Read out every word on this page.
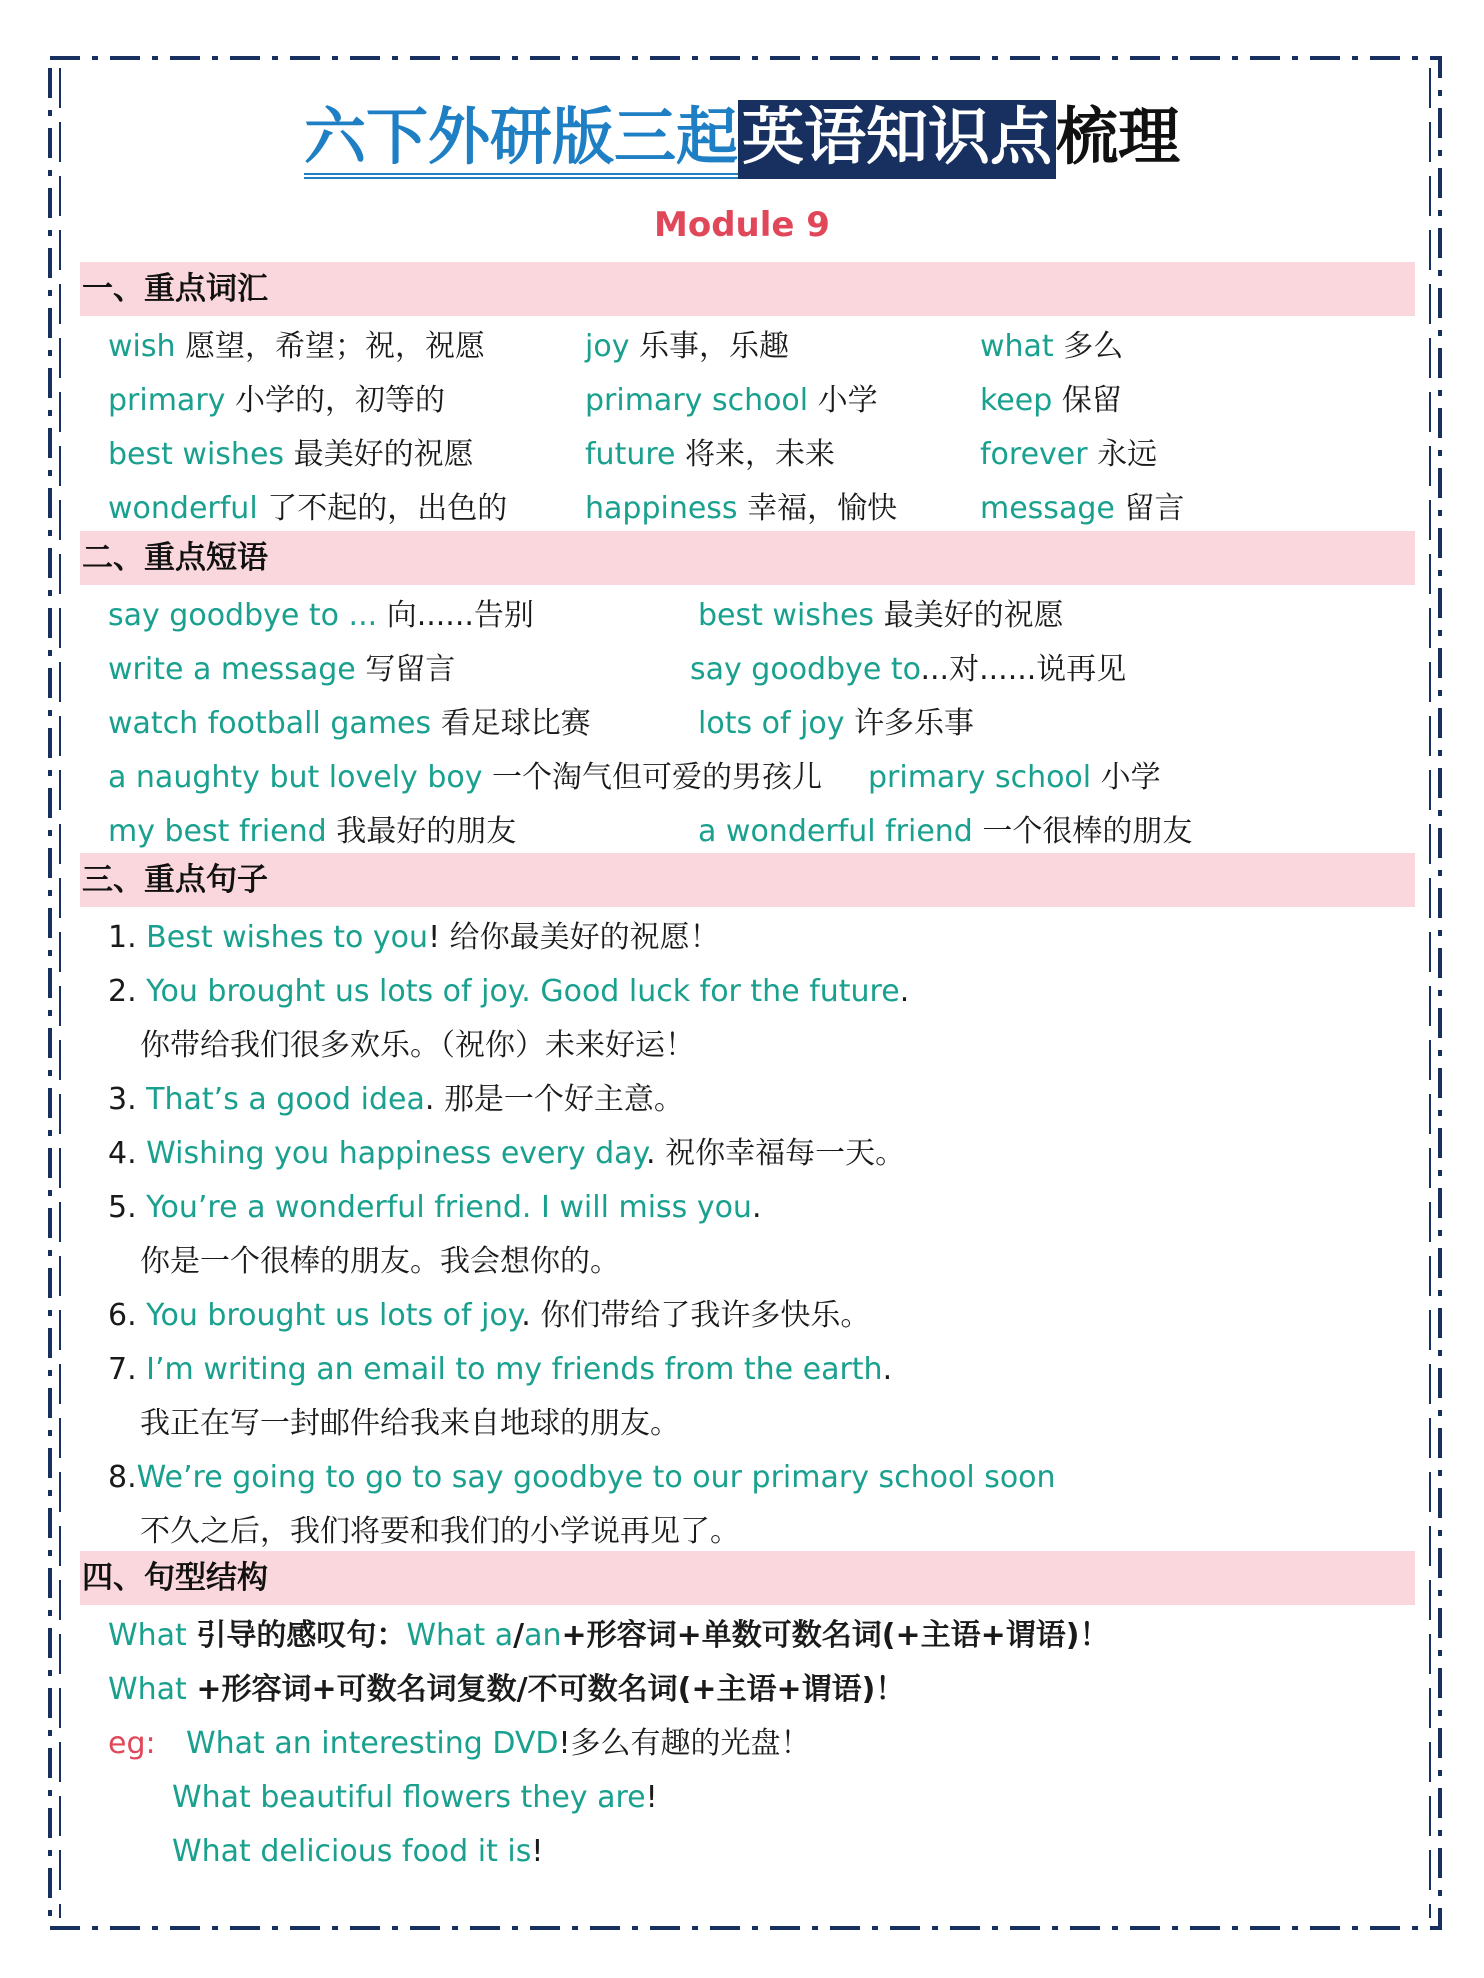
六下外研版三起英语知识点梳理
Module 9
一、重点词汇
wish 愿望，希望；祝，祝愿	joy 乐事，乐趣	what 多么
primary 小学的，初等的	primary school 小学	keep 保留
best wishes 最美好的祝愿	future 将来，未来	forever 永远
wonderful 了不起的，出色的	happiness 幸福，愉快	message 留言
二、重点短语
say goodbye to ... 向......告别	best wishes 最美好的祝愿
write a message 写留言	say goodbye to...对......说再见
watch football games 看足球比赛	lots of joy 许多乐事
a naughty but lovely boy 一个淘气但可爱的男孩儿 primary school 小学
my best friend 我最好的朋友	a wonderful friend 一个很棒的朋友
三、重点句子
1. Best wishes to you! 给你最美好的祝愿！
2. You brought us lots of joy. Good luck for the future.
你带给我们很多欢乐。（祝你）未来好运！
3. That’s a good idea. 那是一个好主意。
4. Wishing you happiness every day. 祝你幸福每一天。
5. You’re a wonderful friend. I will miss you.
你是一个很棒的朋友。我会想你的。
6. You brought us lots of joy. 你们带给了我许多快乐。
7. I’m writing an email to my friends from the earth.
我正在写一封邮件给我来自地球的朋友。
8.We’re going to go to say goodbye to our primary school soon
不久之后，我们将要和我们的小学说再见了。
四、句型结构
What 引导的感叹句：What a/an+形容词+单数可数名词(+主语+谓语)！
What +形容词+可数名词复数/不可数名词(+主语+谓语)！
eg: What an interesting DVD!多么有趣的光盘！
What beautiful flowers they are!
What delicious food it is!
